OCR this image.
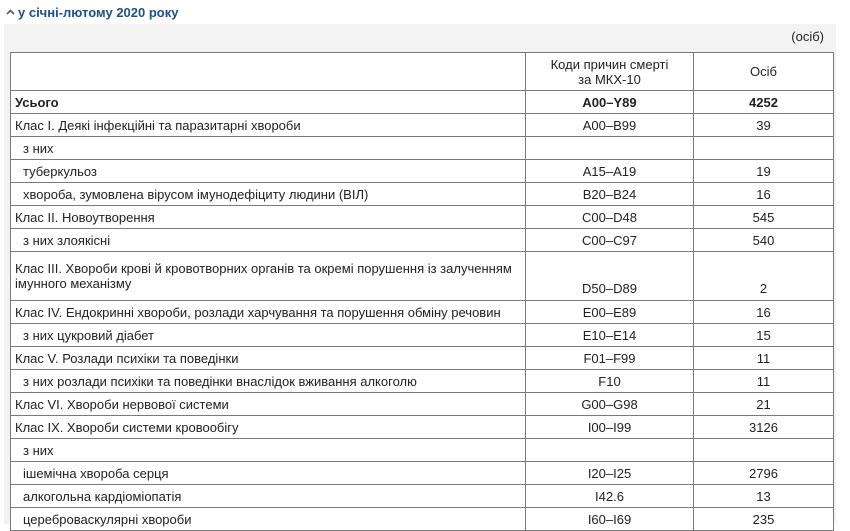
у січні-лютому 2020 року
(осіб)
	Коди причин смерті за МКХ-10	Осіб
Усього	A00–Y89	4252
Клас I. Деякі інфекційні та паразитарні хвороби	A00–B99	39
з них		
туберкульоз	A15–A19	19
хвороба, зумовлена вірусом імунодефіциту людини (ВІЛ)	B20–B24	16
Клас II. Новоутворення	C00–D48	545
з них злоякісні	C00–C97	540
Клас III. Хвороби крові й кровотворних органів та окремі порушення із залученням імунного механізму	D50–D89	2
Клас IV. Ендокринні хвороби, розлади харчування та порушення обміну речовин	E00–E89	16
з них цукровий діабет	E10–E14	15
Клас V. Розлади психіки та поведінки	F01–F99	11
з них розлади психіки та поведінки внаслідок вживання алкоголю	F10	11
Клас VI. Хвороби нервової системи	G00–G98	21
Клас IX. Хвороби системи кровообігу	I00–I99	3126
з них		
ішемічна хвороба серця	I20–I25	2796
алкогольна кардіоміопатія	I42.6	13
цереброваскулярні хвороби	I60–I69	235
